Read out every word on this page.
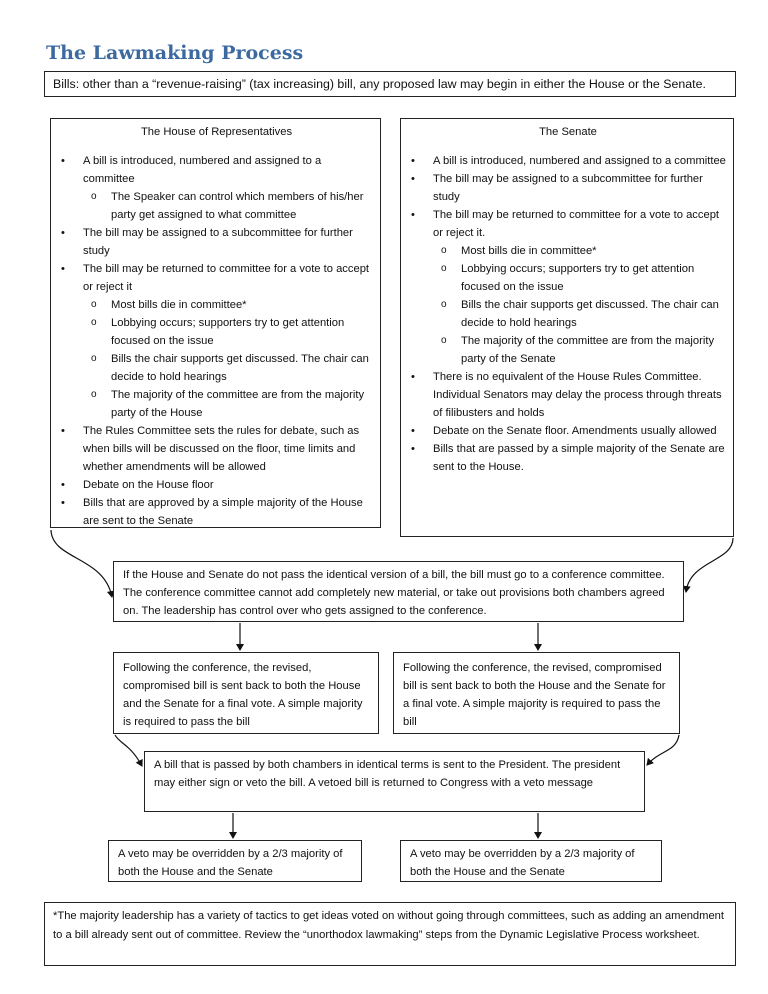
The Lawmaking Process
Bills: other than a “revenue-raising” (tax increasing) bill, any proposed law may begin in either the House or the Senate.
The House of Representatives
• A bill is introduced, numbered and assigned to a committee
o The Speaker can control which members of his/her party get assigned to what committee
• The bill may be assigned to a subcommittee for further study
• The bill may be returned to committee for a vote to accept or reject it
o Most bills die in committee*
o Lobbying occurs; supporters try to get attention focused on the issue
o Bills the chair supports get discussed. The chair can decide to hold hearings
o The majority of the committee are from the majority party of the House
• The Rules Committee sets the rules for debate, such as when bills will be discussed on the floor, time limits and whether amendments will be allowed
• Debate on the House floor
• Bills that are approved by a simple majority of the House are sent to the Senate
The Senate
• A bill is introduced, numbered and assigned to a committee
• The bill may be assigned to a subcommittee for further study
• The bill may be returned to committee for a vote to accept or reject it.
o Most bills die in committee*
o Lobbying occurs; supporters try to get attention focused on the issue
o Bills the chair supports get discussed. The chair can decide to hold hearings
o The majority of the committee are from the majority party of the Senate
• There is no equivalent of the House Rules Committee. Individual Senators may delay the process through threats of filibusters and holds
• Debate on the Senate floor. Amendments usually allowed
• Bills that are passed by a simple majority of the Senate are sent to the House.
If the House and Senate do not pass the identical version of a bill, the bill must go to a conference committee. The conference committee cannot add completely new material, or take out provisions both chambers agreed on. The leadership has control over who gets assigned to the conference.
Following the conference, the revised, compromised bill is sent back to both the House and the Senate for a final vote. A simple majority is required to pass the bill
Following the conference, the revised, compromised bill is sent back to both the House and the Senate for a final vote. A simple majority is required to pass the bill
A bill that is passed by both chambers in identical terms is sent to the President. The president may either sign or veto the bill. A vetoed bill is returned to Congress with a veto message
A veto may be overridden by a 2/3 majority of both the House and the Senate
A veto may be overridden by a 2/3 majority of both the House and the Senate
*The majority leadership has a variety of tactics to get ideas voted on without going through committees, such as adding an amendment to a bill already sent out of committee. Review the “unorthodox lawmaking” steps from the Dynamic Legislative Process worksheet.
